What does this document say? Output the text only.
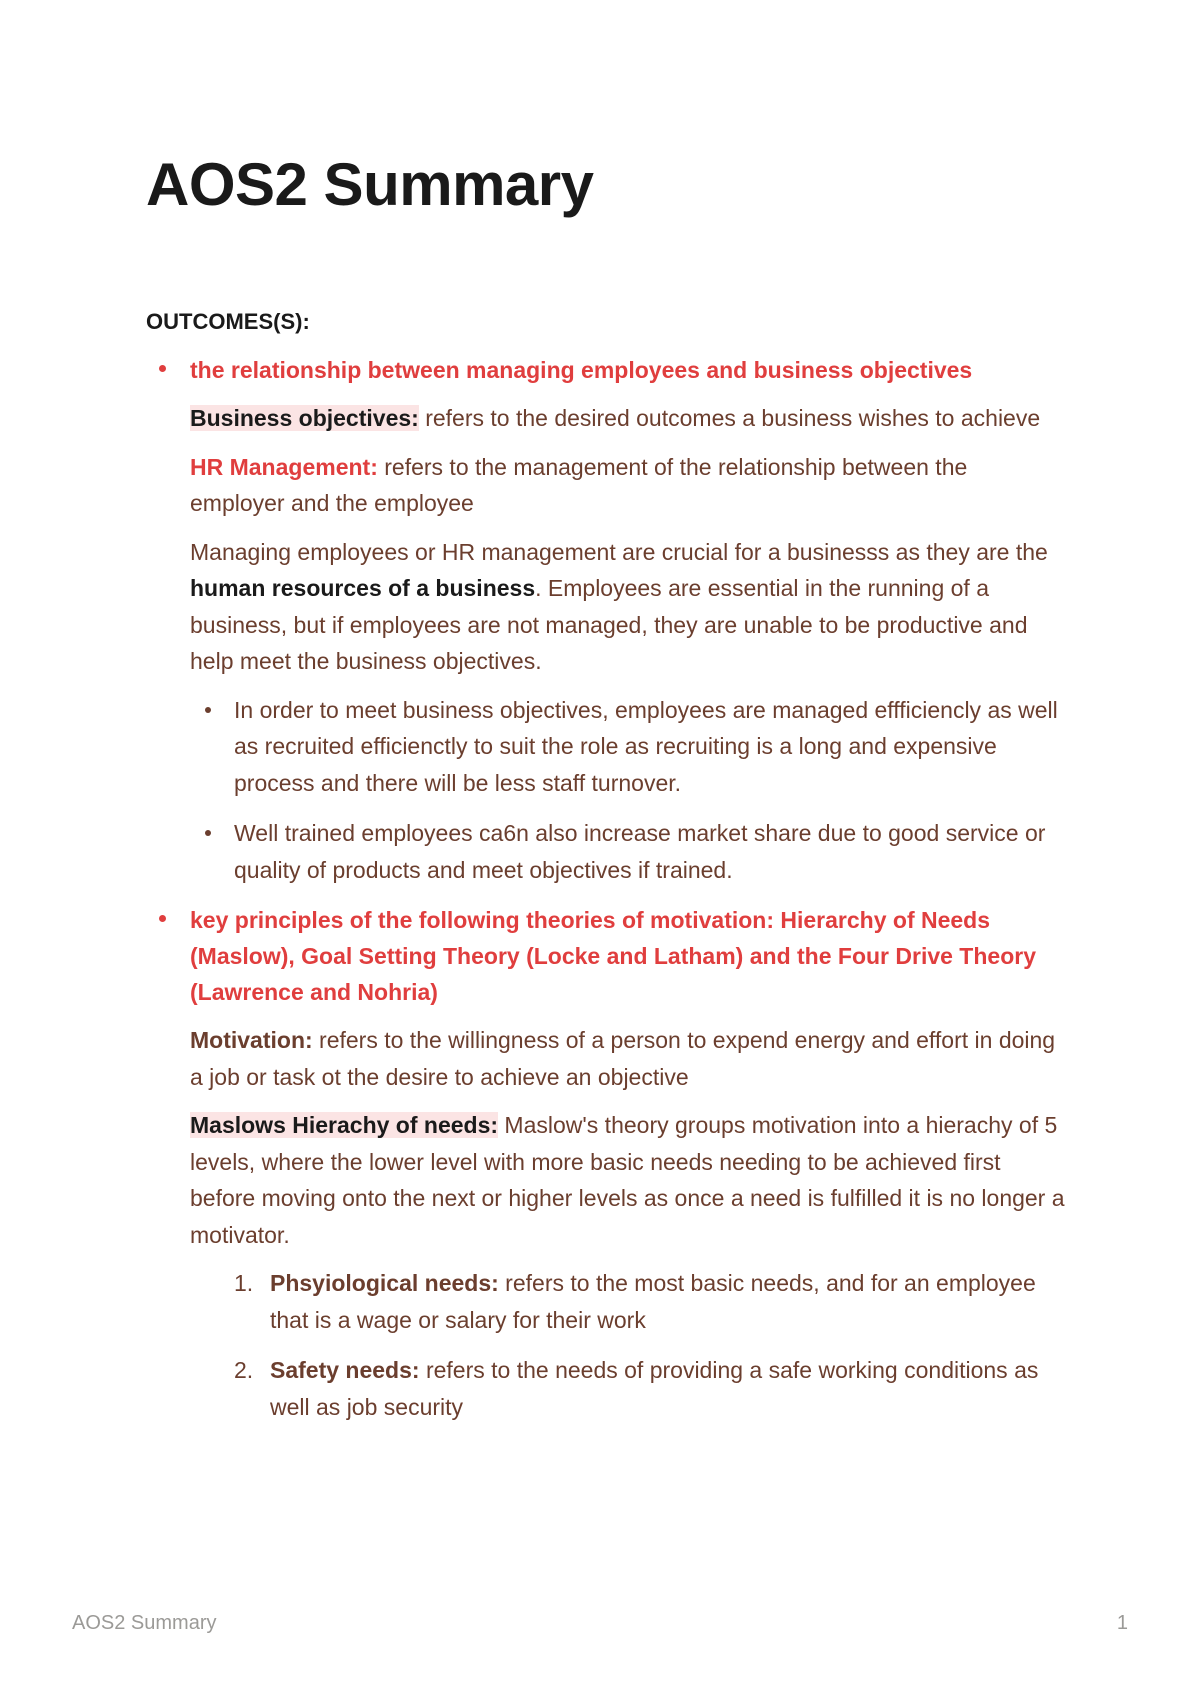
AOS2 Summary
OUTCOMES(S):
the relationship between managing employees and business objectives

Business objectives: refers to the desired outcomes a business wishes to achieve

HR Management: refers to the management of the relationship between the employer and the employee

Managing employees or HR management are crucial for a businesss as they are the human resources of a business. Employees are essential in the running of a business, but if employees are not managed, they are unable to be productive and help meet the business objectives.

In order to meet business objectives, employees are managed effficiencly as well as recruited efficienctly to suit the role as recruiting is a long and expensive process and there will be less staff turnover.
Well trained employees ca6n also increase market share due to good service or quality of products and meet objectives if trained.
key principles of the following theories of motivation: Hierarchy of Needs (Maslow), Goal Setting Theory (Locke and Latham) and the Four Drive Theory (Lawrence and Nohria)

Motivation: refers to the willingness of a person to expend energy and effort in doing a job or task ot the desire to achieve an objective

Maslows Hierachy of needs: Maslow's theory groups motivation into a hierachy of 5 levels, where the lower level with more basic needs needing to be achieved first before moving onto the next or higher levels as once a need is fulfilled it is no longer a motivator.

1. Phsyiological needs: refers to the most basic needs, and for an employee that is a wage or salary for their work
2. Safety needs: refers to the needs of providing a safe working conditions as well as job security
AOS2 Summary	1
